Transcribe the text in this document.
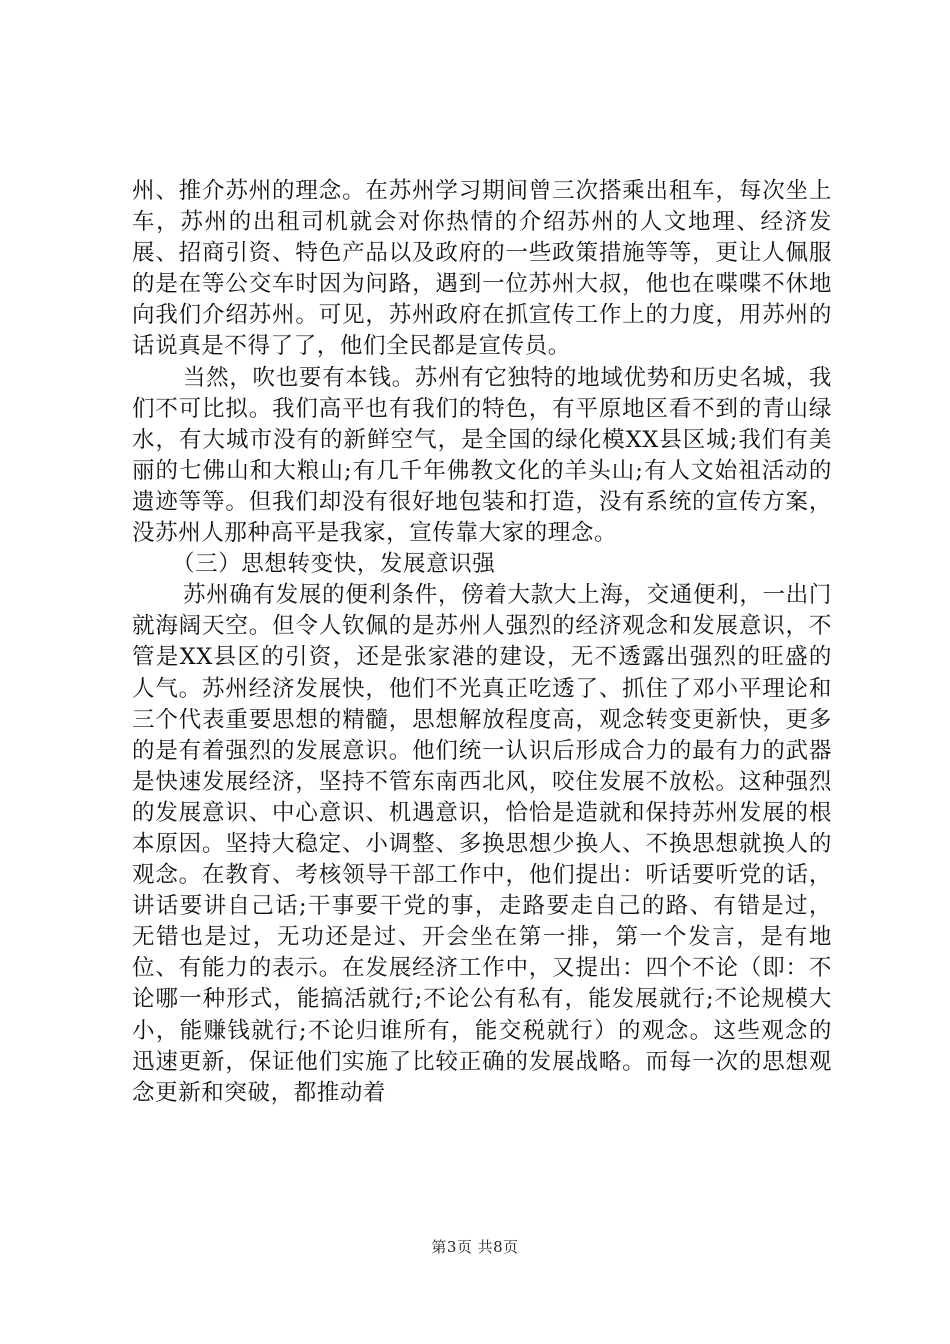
州、推介苏州的理念。在苏州学习期间曾三次搭乘出租车，每次坐上车，苏州的出租司机就会对你热情的介绍苏州的人文地理、经济发展、招商引资、特色产品以及政府的一些政策措施等等，更让人佩服的是在等公交车时因为问路，遇到一位苏州大叔，他也在喋喋不休地向我们介绍苏州。可见，苏州政府在抓宣传工作上的力度，用苏州的话说真是不得了了，他们全民都是宣传员。

当然，吹也要有本钱。苏州有它独特的地域优势和历史名城，我们不可比拟。我们高平也有我们的特色，有平原地区看不到的青山绿水，有大城市没有的新鲜空气，是全国的绿化模XX县区城;我们有美丽的七佛山和大粮山;有几千年佛教文化的羊头山;有人文始祖活动的遗迹等等。但我们却没有很好地包装和打造，没有系统的宣传方案，没苏州人那种高平是我家，宣传靠大家的理念。

（三）思想转变快，发展意识强

苏州确有发展的便利条件，傍着大款大上海，交通便利，一出门就海阔天空。但令人钦佩的是苏州人强烈的经济观念和发展意识，不管是XX县区的引资，还是张家港的建设，无不透露出强烈的旺盛的人气。苏州经济发展快，他们不光真正吃透了、抓住了邓小平理论和三个代表重要思想的精髓，思想解放程度高，观念转变更新快，更多的是有着强烈的发展意识。他们统一认识后形成合力的最有力的武器是快速发展经济，坚持不管东南西北风，咬住发展不放松。这种强烈的发展意识、中心意识、机遇意识，恰恰是造就和保持苏州发展的根本原因。坚持大稳定、小调整、多换思想少换人、不换思想就换人的观念。在教育、考核领导干部工作中，他们提出：听话要听党的话，讲话要讲自己话;干事要干党的事，走路要走自己的路、有错是过，无错也是过，无功还是过、开会坐在第一排，第一个发言，是有地位、有能力的表示。在发展经济工作中，又提出：四个不论（即：不论哪一种形式，能搞活就行;不论公有私有，能发展就行;不论规模大小，能赚钱就行;不论归谁所有，能交税就行）的观念。这些观念的迅速更新，保证他们实施了比较正确的发展战略。而每一次的思想观念更新和突破，都推动着

第3页 共8页
